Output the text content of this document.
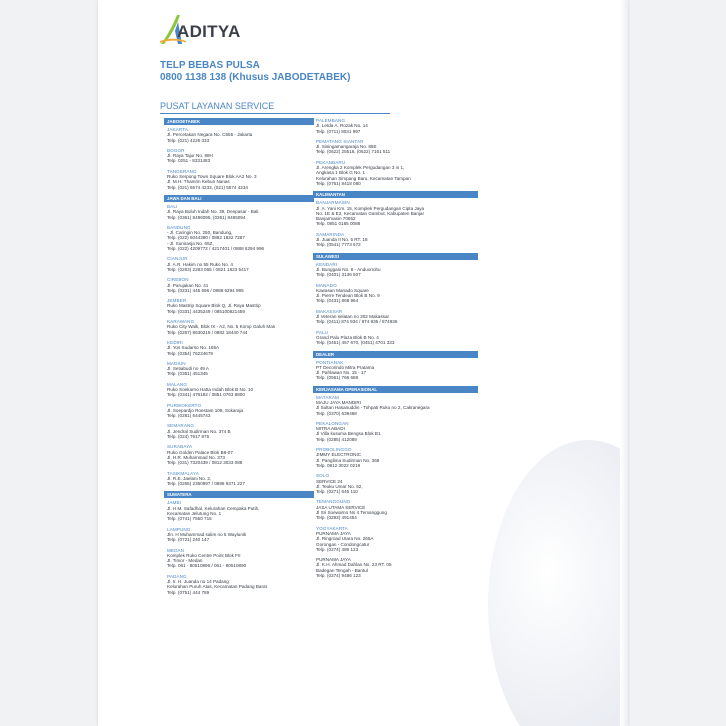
ADITYA
TELP BEBAS PULSA
0800 1138 138 (Khusus JABODETABEK)
PUSAT LAYANAN SERVICE
JABODETABEK
JAKARTA
Jl. Percetakan Negara No. C555 - Jakarta
Telp. (021) 4226 333
BOGOR
Jl. Raya Tajur No. 88H
Telp. 0251 - 8331483
TANGERANG
Ruko Serpong Town Square Blok AA2 No. 3
Jl. M.H. Thamrin Kebun Nanas
Telp. (021) 5574 4233, (021) 5574 4234
JAWA DAN BALI
BALI
Jl. Raya Buluh Indah No. 39, Denpasar - Bali
Telp. (0361) 8486095, (0361) 8485094
BANDUNG
- Jl. Caringin No. 250, Bandung,
Telp. (022) 6044390 / 0882 1832 7287
- Jl. Sunirasja No. 65Z,
Telp. (022) 4209772 / 4217401 / 0888 6294 996
CIANJUR
Jl. A.R. Hakim no 55 Ruko No. 4
Telp. (0263) 2283 065 / 0821 1823 5417
CIREBON
Jl. Parujakan No. 41
Telp. (0231) 445 696 / 0888 6294 995
JEMBER
Ruko Mastrip Square Blok Q, Jl. Raya Mastrip
Telp. (0331) 4435249 / 085100821459
KARAWANG
Ruko City Walk, Blok IX - A2, No. 5 Komp Galuh Mas
Telp. (0267) 8630219 / 0882 18440 744
KEDIRI
Jl. Yos Sudarso No. 165A
Telp. (0354) 76224679
MADIUN
Jl. Setiabudi no 49 A
Telp. (0351) 451345
MALANG
Ruko Soekarno Hatta Indah Blok B No. 10
Telp. (0341) 476182 / 0851 0763 8800
PURWOKERTO
Jl. Soepardjo Roestam 108, Sokaraja
Telp. (0281) 6445743
SEMARANG
Jl. Jendral Sudirman No. 374 B
Telp. (024) 7617 875
SURABAYA
Ruko Golden Palace Blok B6-07
Jl. H.R. Muhammad No. 373
Telp. (031) 7320439 / 0812 3033 088
TASIKMALAYA
Jl. R.E. Jaelani No. 2,
Telp. (0265) 2350997 / 0888 9371 227
SUMATERA
JAMBI
Jl. H.M. Safadhal, Kelurahan Cempaka Putih,
Kecamatan Jelutung No. 1
Telp. (0741) 7550 715
LAMPUNG
Jln. H Muhammad salim no 5 Waylunik
Telp. (0721) 240 147
MEDAN
Komplek Ruko Centre Point Blok FII
Jl. Timor - Medan
Telp. 061 - 80510896 / 061 - 80510890
PADANG
Jl. Ir. H. Juanda no 14 Padang
Kelurahan Puruh Atas, Kecamatan Padang Barat
Telp. (0751) 444 789
PALEMBANG
Jl. Letda A. Rozak No. 14
Telp. (0711) 8031 997
PEMATANG SIANTAR
Jl. Sisingamangaraja No. 85E
Telp. (0622) 25516, (0622) 7161 511
PEKANBARU
Jl. Arengka 2 Komplek Pergudangan 3 in 1,
Angkasa 1 Blok G No. 1
Kelurahan Simpang Baru, Kecamatan Tampan
Telp. (0761) 8418 080
KALIMANTAN
BANJARMASIN
Jl. A. Yani Km. 15, Komplek Pergudangan Cipta Jaya
No. 1E & E2, Kecamatan Gambut, Kabupaten Banjar
Banjarmasin 70652
Telp. 0851 0185 0088
SAMARINDA
Jl. Juanda II No. 5 RT. 18
Telp. (0541) 7773 672
SULAWESI
KENDARI
Jl. Bunggasi No. 8 - Anduonohu
Telp. (0401) 3136 507
MANADO
Kawasan Manado Square
Jl. Pierre Tendean Blok B No. 9
Telp. (0431) 868 964
MAKASSAR
Jl Veteran selatan no 302 Makassar
Telp. (0411) 874 934 / 874 935 / 874936
PALU
Grand Palu Plaza Blok B No. 4
Telp. (0451) 457 670, (0451) 4701 333
DEALER
PONTIANAK
PT Decorindo Mitra Pratama
Jl. Pahlawan No. 15 - 17
Telp. (0561) 766 688
KERJASAMA OPERASIONAL
MATARAM
MAJU JAYA MANDIRI
Jl Sultan Hasanuddin - Tohpati Ruko no 2, Cakranegara
Telp. (0370) 639468
PEKALONGAN
MITRA ABADI
Jl Villa kusuma Bengsa Blok B1
Telp. (0285) 412089
PROBOLINGGO
JIMMY ELECTRONIC
Jl. Panglima Sudirman No. 368
Telp. 0812 3022 0219
SOLO
SERVICE 24
Jl. Teuku Umar No. 62,
Telp. (0271) 645 110
TEMANGGUNG
JASA UTAMA SERVICE
Jl Sri Soewarno No 4 Temanggung
Telp. (0293) 491454
YOGYAKARTA
PURNAMA JAYA
Jl. Ringroad Utara No. 265A
Gorongan - Condongcatur
Telp. (0274) 486 123
PURNAMA JAYA
Jl. K.H. Ahmad Dahlan No. 23 RT. 05
Badegan Tengah - Bantul
Telp. (0274) 9486 123
